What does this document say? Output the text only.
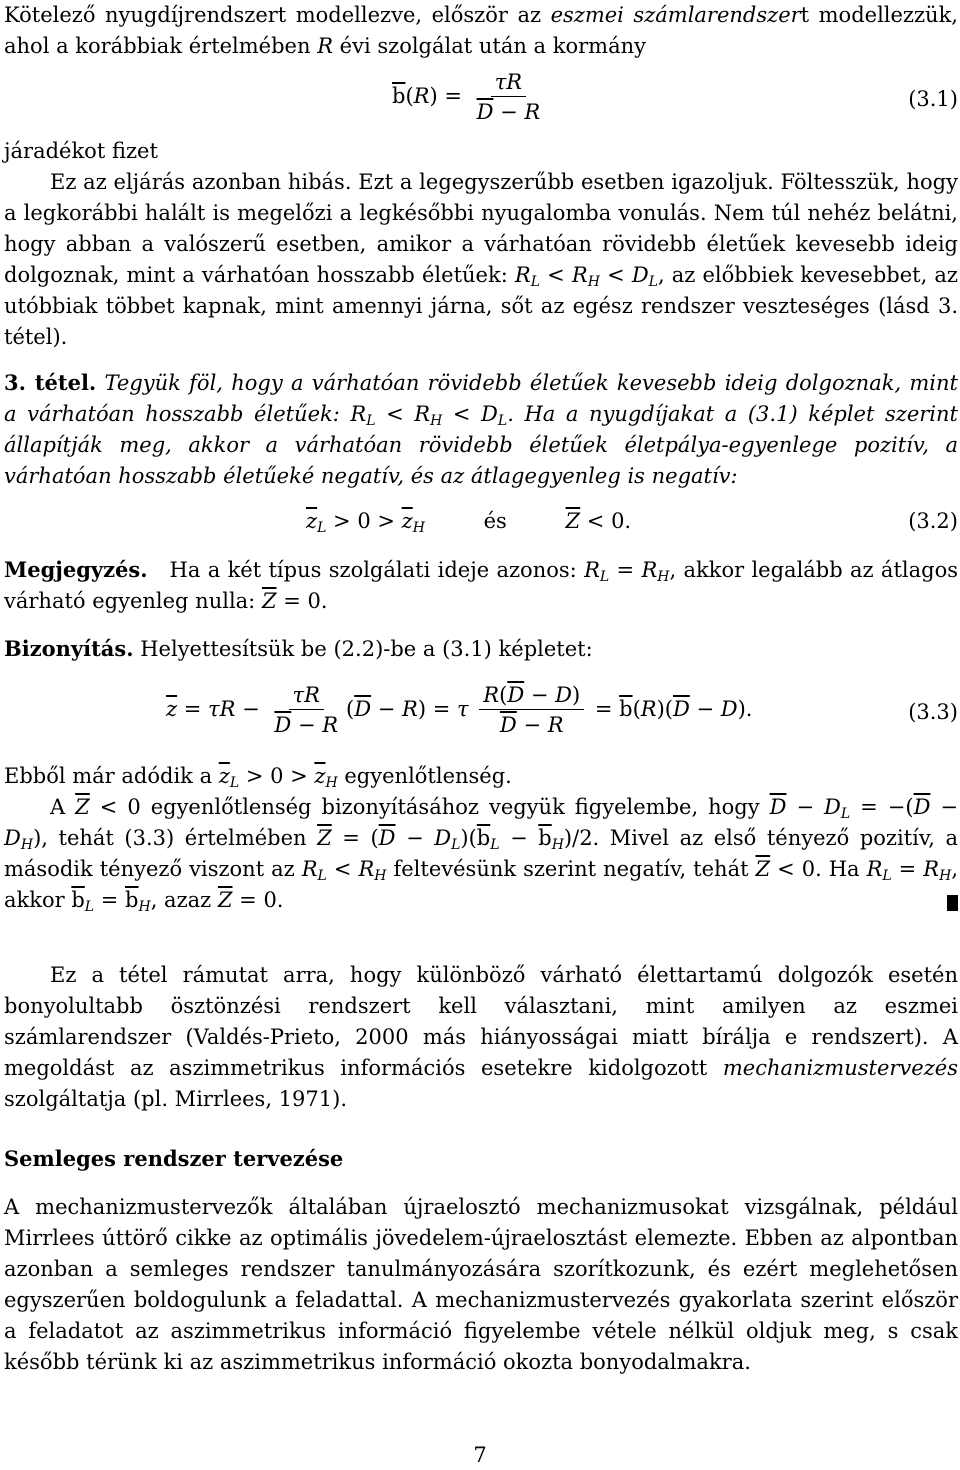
Kötelező nyugdíjrendszert modellezve, először az eszmei számlarendszert modellezzük, ahol a korábbiak értelmében R évi szolgálat után a kormány

$\overline{b}(R) = \frac{\tau R}{\overline{D} - R}$	(3.1)

járadékot fizet

Ez az eljárás azonban hibás. Ezt a legegyszerűbb esetben igazoljuk. Föltesszük, hogy a legkorábbi halált is megelőzi a legkésőbbi nyugalomba vonulás. Nem túl nehéz belátni, hogy abban a valószerű esetben, amikor a várhatóan rövidebb életűek kevesebb ideig dolgoznak, mint a várhatóan hosszabb életűek: $R_L < R_H < D_L$, az előbbiek kevesebbet, az utóbbiak többet kapnak, mint amennyi járna, sőt az egész rendszer veszteséges (lásd 3. tétel).

3. tétel. Tegyük föl, hogy a várhatóan rövidebb életűek kevesebb ideig dolgoznak, mint a várhatóan hosszabb életűek: $R_L < R_H < D_L$. Ha a nyugdíjakat a (3.1) képlet szerint állapítják meg, akkor a várhatóan rövidebb életűek életpálya-egyenlege pozitív, a várhatóan hosszabb életűeké negatív, és az átlagegyenleg is negatív:

$\overline{z}_L > 0 > \overline{z}_H$	és	$\overline{Z} < 0$.	(3.2)

Megjegyzés.   Ha a két típus szolgálati ideje azonos: $R_L = R_H$, akkor legalább az átlagos várható egyenleg nulla: $\overline{Z} = 0$.

Bizonyítás. Helyettesítsük be (2.2)-be a (3.1) képletet:

$\overline{z} = \tau R - \frac{\tau R}{\overline{D} - R} (\overline{D} - R) = \tau \frac{R(\overline{D} - D)}{\overline{D} - R} = \overline{b}(R)(\overline{D} - D)$.	(3.3)

Ebből már adódik a $\overline{z}_L > 0 > \overline{z}_H$ egyenlőtlenség.

A $\overline{Z} < 0$ egyenlőtlenség bizonyításához vegyük figyelembe, hogy $\overline{D} - D_L = -(\overline{D} - D_H)$, tehát (3.3) értelmében $\overline{Z} = (\overline{D} - D_L)(\overline{b}_L - \overline{b}_H)/2$. Mivel az első tényező pozitív, a második tényező viszont az $R_L < R_H$ feltevésünk szerint negatív, tehát $\overline{Z} < 0$. Ha $R_L = R_H$, akkor $\overline{b}_L = \overline{b}_H$, azaz $\overline{Z} = 0$.

Ez a tétel rámutat arra, hogy különböző várható élettartamú dolgozók esetén bonyolultabb ösztönzési rendszert kell választani, mint amilyen az eszmei számlarendszer (Valdés-Prieto, 2000 más hiányosságai miatt bírálja e rendszert). A megoldást az aszimmetrikus információs esetekre kidolgozott mechanizmustervezés szolgáltatja (pl. Mirrlees, 1971).

Semleges rendszer tervezése

A mechanizmustervezők általában újraelosztó mechanizmusokat vizsgálnak, például Mirrlees úttörő cikke az optimális jövedelem-újraelosztást elemezte. Ebben az alpontban azonban a semleges rendszer tanulmányozására szorítkozunk, és ezért meglehetősen egyszerűen boldogulunk a feladattal. A mechanizmustervezés gyakorlata szerint először a feladatot az aszimmetrikus információ figyelembe vétele nélkül oldjuk meg, s csak később térünk ki az aszimmetrikus információ okozta bonyodalmakra.

7
